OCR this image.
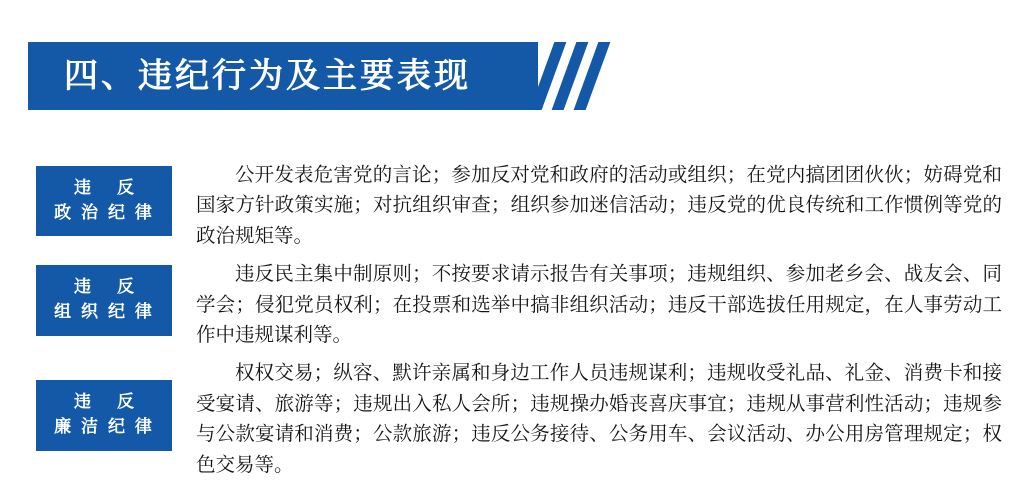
四、违纪行为及主要表现
违 反
政 治 纪 律
公开发表危害党的言论；参加反对党和政府的活动或组织；在党内搞团团伙伙；妨碍党和国家方针政策实施；对抗组织审查；组织参加迷信活动；违反党的优良传统和工作惯例等党的政治规矩等。
违 反
组 织 纪 律
违反民主集中制原则；不按要求请示报告有关事项；违规组织、参加老乡会、战友会、同学会；侵犯党员权利；在投票和选举中搞非组织活动；违反干部选拔任用规定，在人事劳动工作中违规谋利等。
违 反
廉 洁 纪 律
权权交易；纵容、默许亲属和身边工作人员违规谋利；违规收受礼品、礼金、消费卡和接受宴请、旅游等；违规出入私人会所；违规操办婚丧喜庆事宜；违规从事营利性活动；违规参与公款宴请和消费；公款旅游；违反公务接待、公务用车、会议活动、办公用房管理规定；权色交易等。
